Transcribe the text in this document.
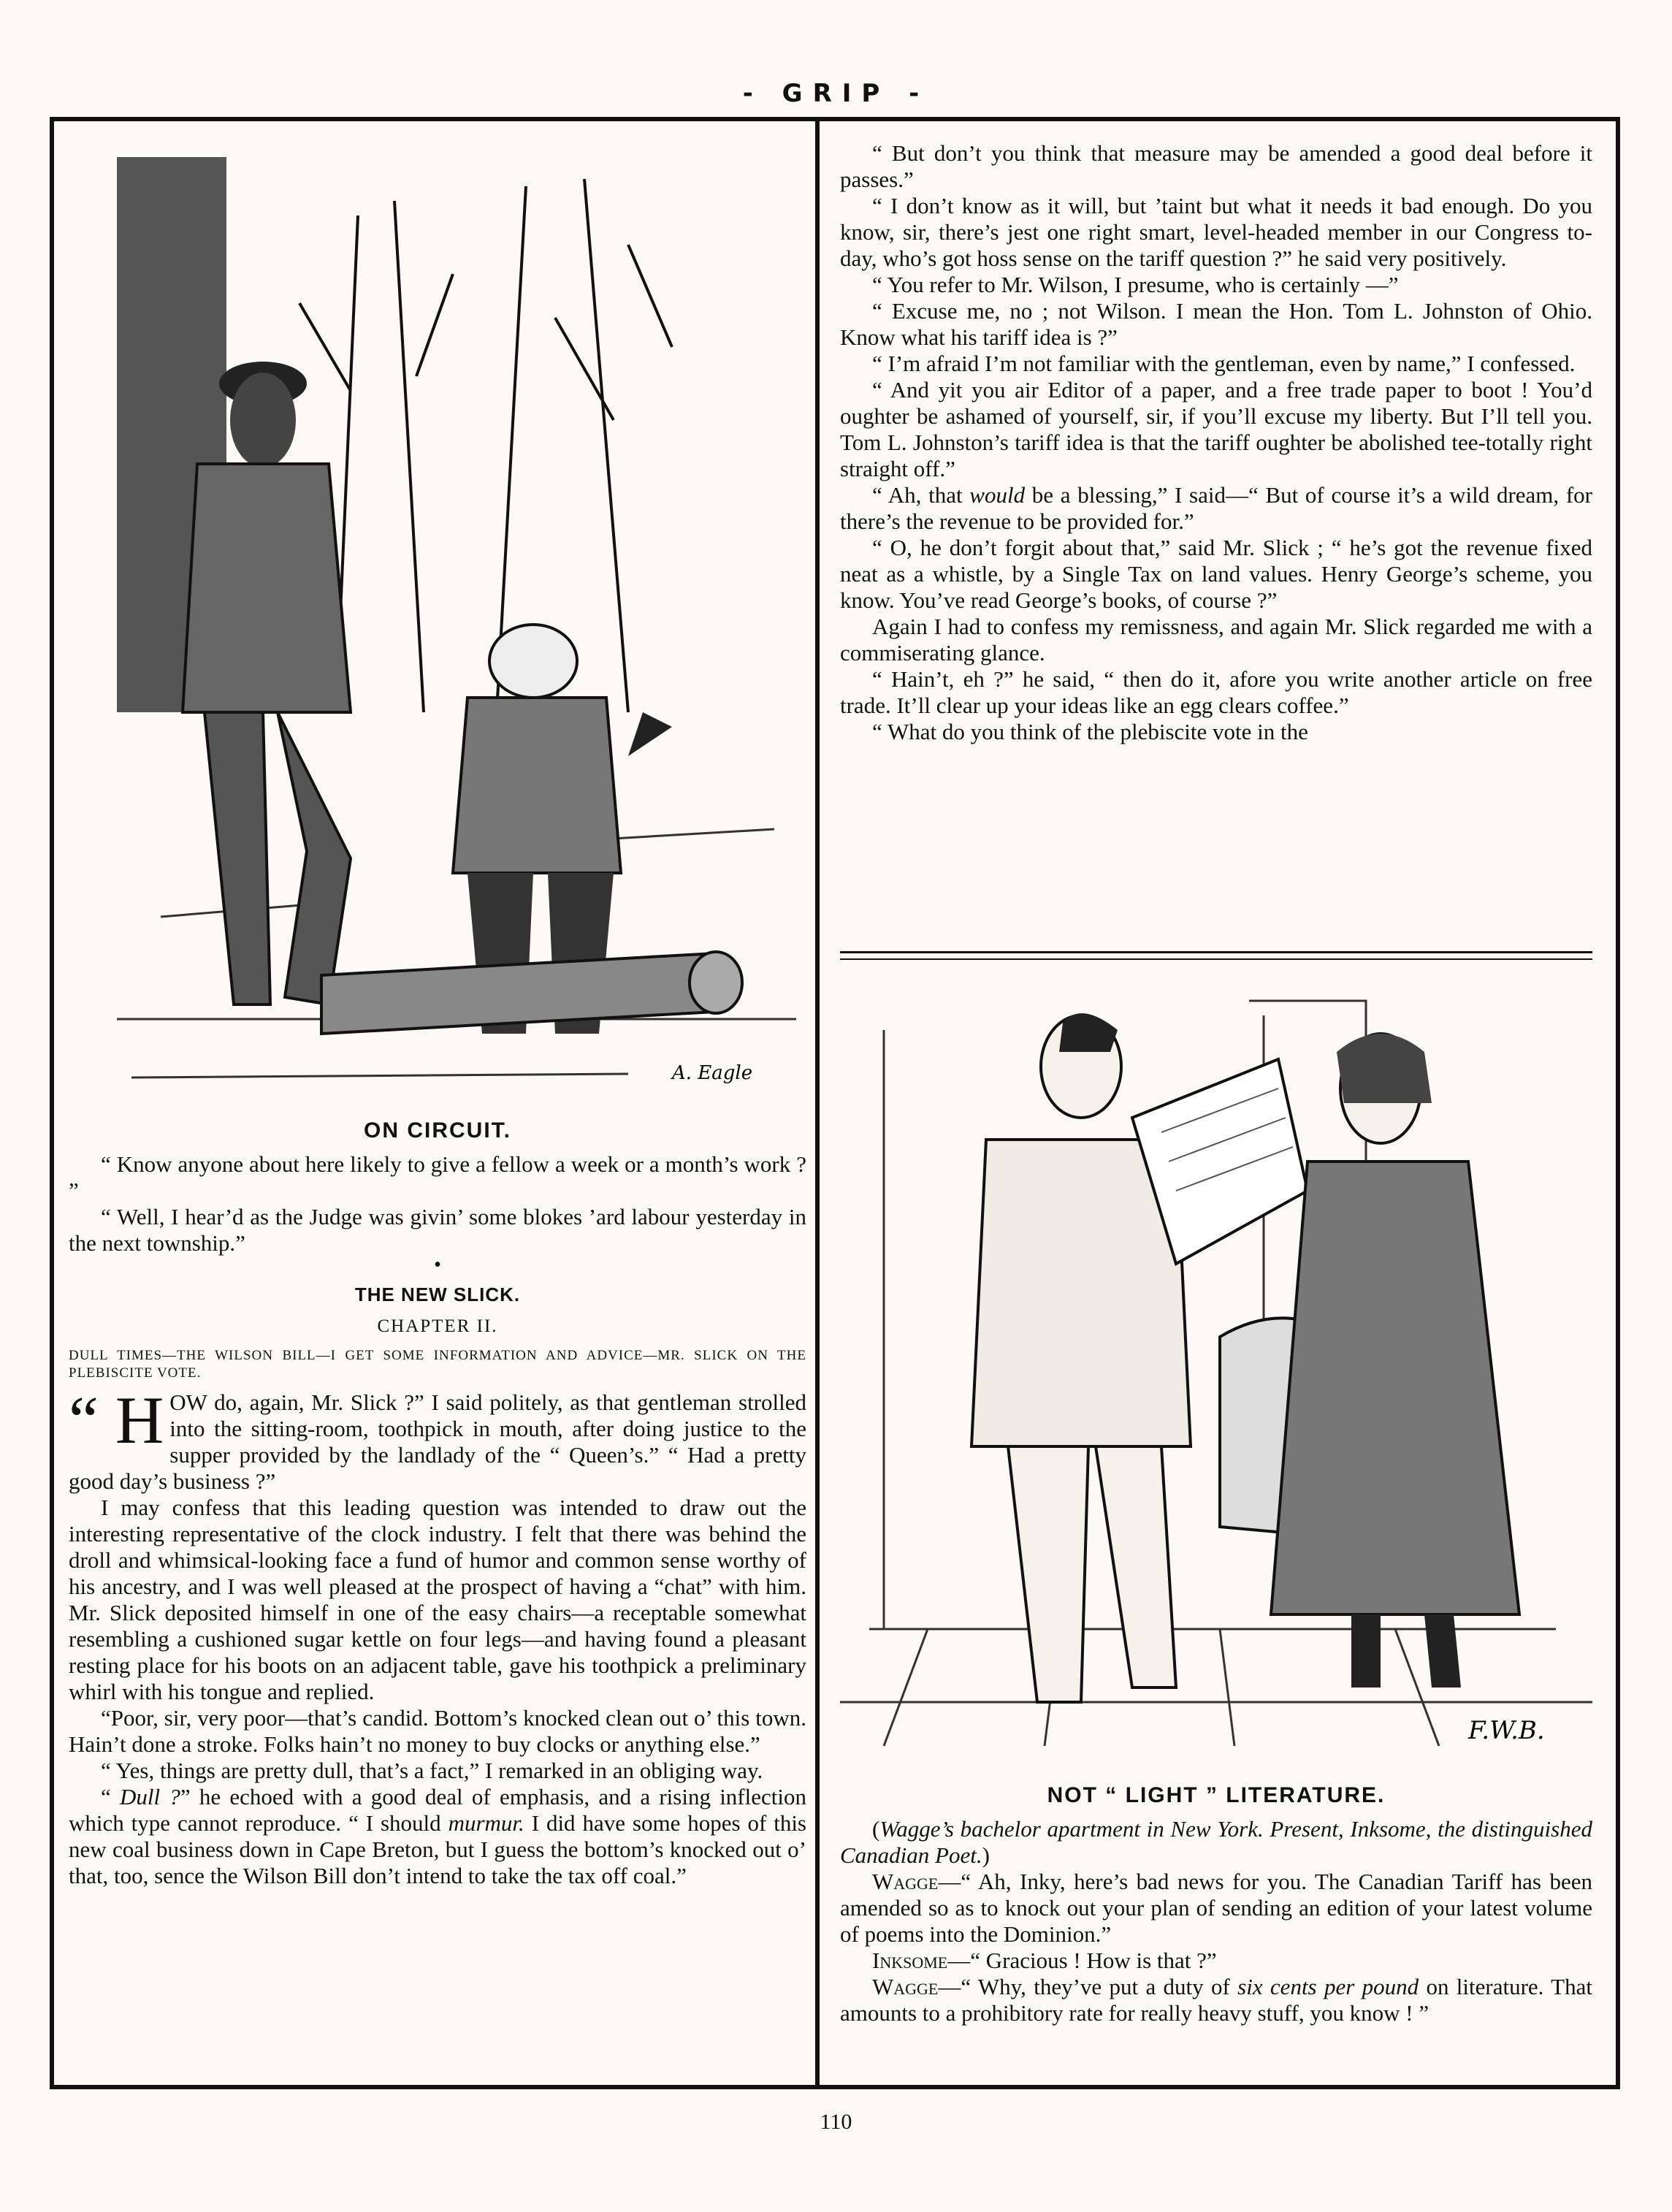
- GRIP -
A. Eagle
ON CIRCUIT.

“ Know anyone about here likely to give a fellow a week or a month’s work ? ”

“ Well, I hear’d as the Judge was givin’ some blokes ’ard labour yesterday in the next township.”

•
THE NEW SLICK.
CHAPTER II.

DULL TIMES—THE WILSON BILL—I GET SOME INFORMATION AND ADVICE—MR. SLICK ON THE PLEBISCITE VOTE.

“ H OW do, again, Mr. Slick ?” I said politely, as that gentleman strolled into the sitting-room, toothpick in mouth, after doing justice to the supper provided by the landlady of the “ Queen’s.” “ Had a pretty good day’s business ?”

I may confess that this leading question was intended to draw out the interesting representative of the clock industry. I felt that there was behind the droll and whimsical-looking face a fund of humor and common sense worthy of his ancestry, and I was well pleased at the prospect of having a “chat” with him. Mr. Slick deposited himself in one of the easy chairs—a receptable somewhat resembling a cushioned sugar kettle on four legs—and having found a pleasant resting place for his boots on an adjacent table, gave his toothpick a preliminary whirl with his tongue and replied.

“Poor, sir, very poor—that’s candid. Bottom’s knocked clean out o’ this town. Hain’t done a stroke. Folks hain’t no money to buy clocks or anything else.”

“ Yes, things are pretty dull, that’s a fact,” I remarked in an obliging way.

“ Dull ?” he echoed with a good deal of emphasis, and a rising inflection which type cannot reproduce. “ I should murmur. I did have some hopes of this new coal business down in Cape Breton, but I guess the bottom’s knocked out o’ that, too, sence the Wilson Bill don’t intend to take the tax off coal.”

“ But don’t you think that measure may be amended a good deal before it passes.”

“ I don’t know as it will, but ’taint but what it needs it bad enough. Do you know, sir, there’s jest one right smart, level-headed member in our Congress to-day, who’s got hoss sense on the tariff question ?” he said very positively.

“ You refer to Mr. Wilson, I presume, who is certainly —”

“ Excuse me, no ; not Wilson. I mean the Hon. Tom L. Johnston of Ohio. Know what his tariff idea is ?”

“ I’m afraid I’m not familiar with the gentleman, even by name,” I confessed.

“ And yit you air Editor of a paper, and a free trade paper to boot ! You’d oughter be ashamed of yourself, sir, if you’ll excuse my liberty. But I’ll tell you. Tom L. Johnston’s tariff idea is that the tariff oughter be abolished tee-totally right straight off.”

“ Ah, that would be a blessing,” I said—“ But of course it’s a wild dream, for there’s the revenue to be provided for.”

“ O, he don’t forgit about that,” said Mr. Slick ; “ he’s got the revenue fixed neat as a whistle, by a Single Tax on land values. Henry George’s scheme, you know. You’ve read George’s books, of course ?”

Again I had to confess my remissness, and again Mr. Slick regarded me with a commiserating glance.

“ Hain’t, eh ?” he said, “ then do it, afore you write another article on free trade. It’ll clear up your ideas like an egg clears coffee.”

“ What do you think of the plebiscite vote in the

F.W.B.
NOT “ LIGHT ” LITERATURE.

(Wagge’s bachelor apartment in New York. Present, Inksome, the distinguished Canadian Poet.)

Wagge—“ Ah, Inky, here’s bad news for you. The Canadian Tariff has been amended so as to knock out your plan of sending an edition of your latest volume of poems into the Dominion.”

Inksome—“ Gracious ! How is that ?”

Wagge—“ Why, they’ve put a duty of six cents per pound on literature. That amounts to a prohibitory rate for really heavy stuff, you know ! ”

110
